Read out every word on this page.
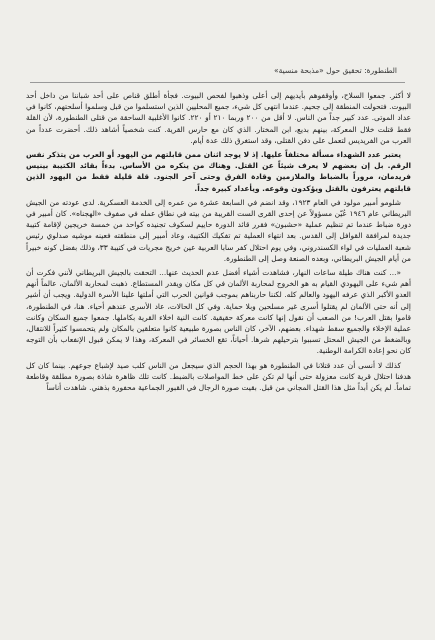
الطنطورة: تحقيق حول «مذبحة منسية»

لا أكثر. جمعوا السلاح، وأوقفوهم بأيديهم إلى أعلى وذهبوا لفحص البيوت. فجأة أطلق قناص على أحد شباننا من داخل أحد البيوت. فتحولت المنطقة إلى جحيم. عندما انتهى كل شيء، جميع المحليين الذين استسلموا من قبل وسلموا أسلحتهم، كانوا في عداد الموتى. عدد كبير جداً من الناس. لا أقل من ٢٠٠ وربما ٢١٠ أو ٢٢٠. كانوا الأغلبية الساحقة من قتلى الطنطورة، لأن القلة فقط قتلت خلال المعركة، بينهم بديع، ابن المختار. الذي كان مع حارس القرية. كنت شخصياً أشاهد ذلك. أحضرت عدداً من العرب من الفريديس لتعمل على دفن القتلى، وقد استغرق ذلك عدة أيام.

يعتبر عدد الشهداء مسألة مختلفاً عليها. إذ لا يوجد اثنان ممن قابلتهم من اليهود أو العرب من يتذكر نفس الرقم. بل إن بعضهم لا يعرف شيئاً عن القتل. وهناك من ينكره من الأساس. بدءاً بقائد الكتيبة بينيس فريدمان، مروراً بالضباط والملازمين وقادة الفرق وحتى آخر الجنود. قلة قليلة فقط من اليهود الذين قابلتهم يعترفون بالقتل ويؤكدون وقوعه. ويأعداد كبيرة جداً.

شلومو أمبير مولود في العام ١٩٢٣، وقد انضم في السابعة عشرة من عمره إلى الخدمة العسكرية. لدى عودته من الجيش البريطاني عام ١٩٤٦ عُيّن مسؤولاً عن إحدى القرى الست القريبة من بيته في نطاق عمله في صفوف «الهجناه». كان أمبير في دورة ضباط عندما تم تنظيم عملية «حشبون» فقرر قائد الدورة حاييم لسكوف تجنيده كواحد من خمسة خريجين لإقامة كتيبة جديدة لمرافقة القوافل إلى القدس. بعد انتهاء العملية تم تفكيك الكتيبة، وعاد أمبير إلى منطقته فعينه موشيه صدلوي رئيس شعبة العمليات في لواء الكسندروني، وفي يوم احتلال كفر سابا العربية عين خريج مجريات في كتيبة ٣٣، وذلك بفضل كونه خبيراً من أيام الجيش البريطاني، وبعده الصنعة وصل إلى الطنطورة.

«... كنت هناك طيلة ساعات النهار، فشاهدت أشياء أفضل عدم الحديث عنها... التحقت بالجيش البريطاني لأنني فكرت أن أهم شيء على اليهودي القيام به هو الخروج لمحاربة الألمان في كل مكان ويقدر المستطاع. ذهبت لمحاربة الألمان، عالماً أنهم العدو الأكبر الذي عرفه اليهود والعالم كله. لكننا حاربناهم بموجب قوانين الحرب التي أملتها علينا الأسرة الدولية. ويجب أن أشير إلى أنه حتى الألمان لم يقتلوا أسرى غير مسلحين وبلا حماية. وفي كل الحالات، عاد الأسرى عندهم أحياء. هنا، في الطنطورة، قاموا بقتل العرب! من الصعب أن نقول إنها كانت معركة حقيقية. كانت النية اخلاء القرية بكاملها. جمعوا جميع السكان وكانت عملية الإخلاء والجميع سقط شهداء. بعضهم، الآخر، كان الناس بصورة طبيعية كانوا متعلقين بالمكان ولم يتحمسوا كثيراً للانتقال، وبالضغط من الجيش المحتل تسببوا بترحيلهم شرها. أحياناً، تقع الخسائر في المعركة، وهذا لا يمكن قبول الإنفعاب بأن التوجه كان نحو إعادة الكرامة الوطنية.

كذلك لا أنسى أن عدد قتلانا في الطنطورة هو بهذا الحجم الذي سيجعل من الناس كلب صيد لإشباع جوعهم. بينما كان كل هدفنا احتلال قرية كانت معزولة حتى أنها لم تكن على خط المواصلات بالضبط. كانت تلك ظاهرة شاذة بصورة مطلقة وقاطعة تماماً. لم يكن أبداً مثل هذا القتل المجاني من قبل. بقيت صورة الرجال في القبور الجماعية محفورة بذهني. شاهدت أناساً
